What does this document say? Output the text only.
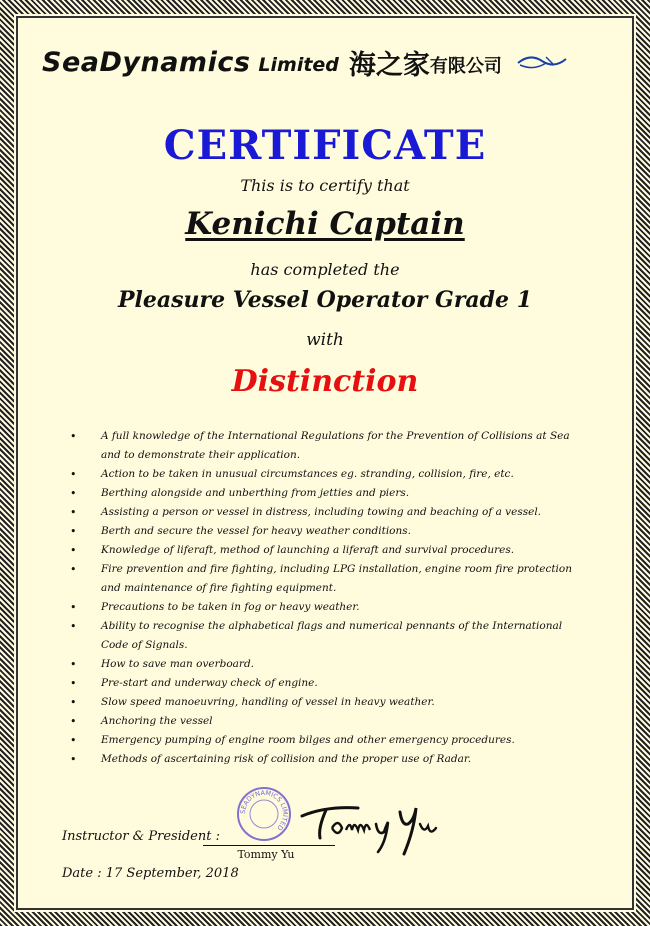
SeaDynamics Limited 海之家 有限公司
CERTIFICATE
This is to certify that
Kenichi Captain
has completed the
Pleasure Vessel Operator Grade 1
with
Distinction
• A full knowledge of the International Regulations for the Prevention of Collisions at Sea and to demonstrate their application.
• Action to be taken in unusual circumstances eg. stranding, collision, fire, etc.
• Berthing alongside and unberthing from jetties and piers.
• Assisting a person or vessel in distress, including towing and beaching of a vessel.
• Berth and secure the vessel for heavy weather conditions.
• Knowledge of liferaft, method of launching a liferaft and survival procedures.
• Fire prevention and fire fighting, including LPG installation, engine room fire protection and maintenance of fire fighting equipment.
• Precautions to be taken in fog or heavy weather.
• Ability to recognise the alphabetical flags and numerical pennants of the International Code of Signals.
• How to save man overboard.
• Pre-start and underway check of engine.
• Slow speed manoeuvring, handling of vessel in heavy weather.
• Anchoring the vessel
• Emergency pumping of engine room bilges and other emergency procedures.
• Methods of ascertaining risk of collision and the proper use of Radar.
SEADYNAMICS LIMITED
Instructor & President :
Tommy Yu
Date : 17 September, 2018
